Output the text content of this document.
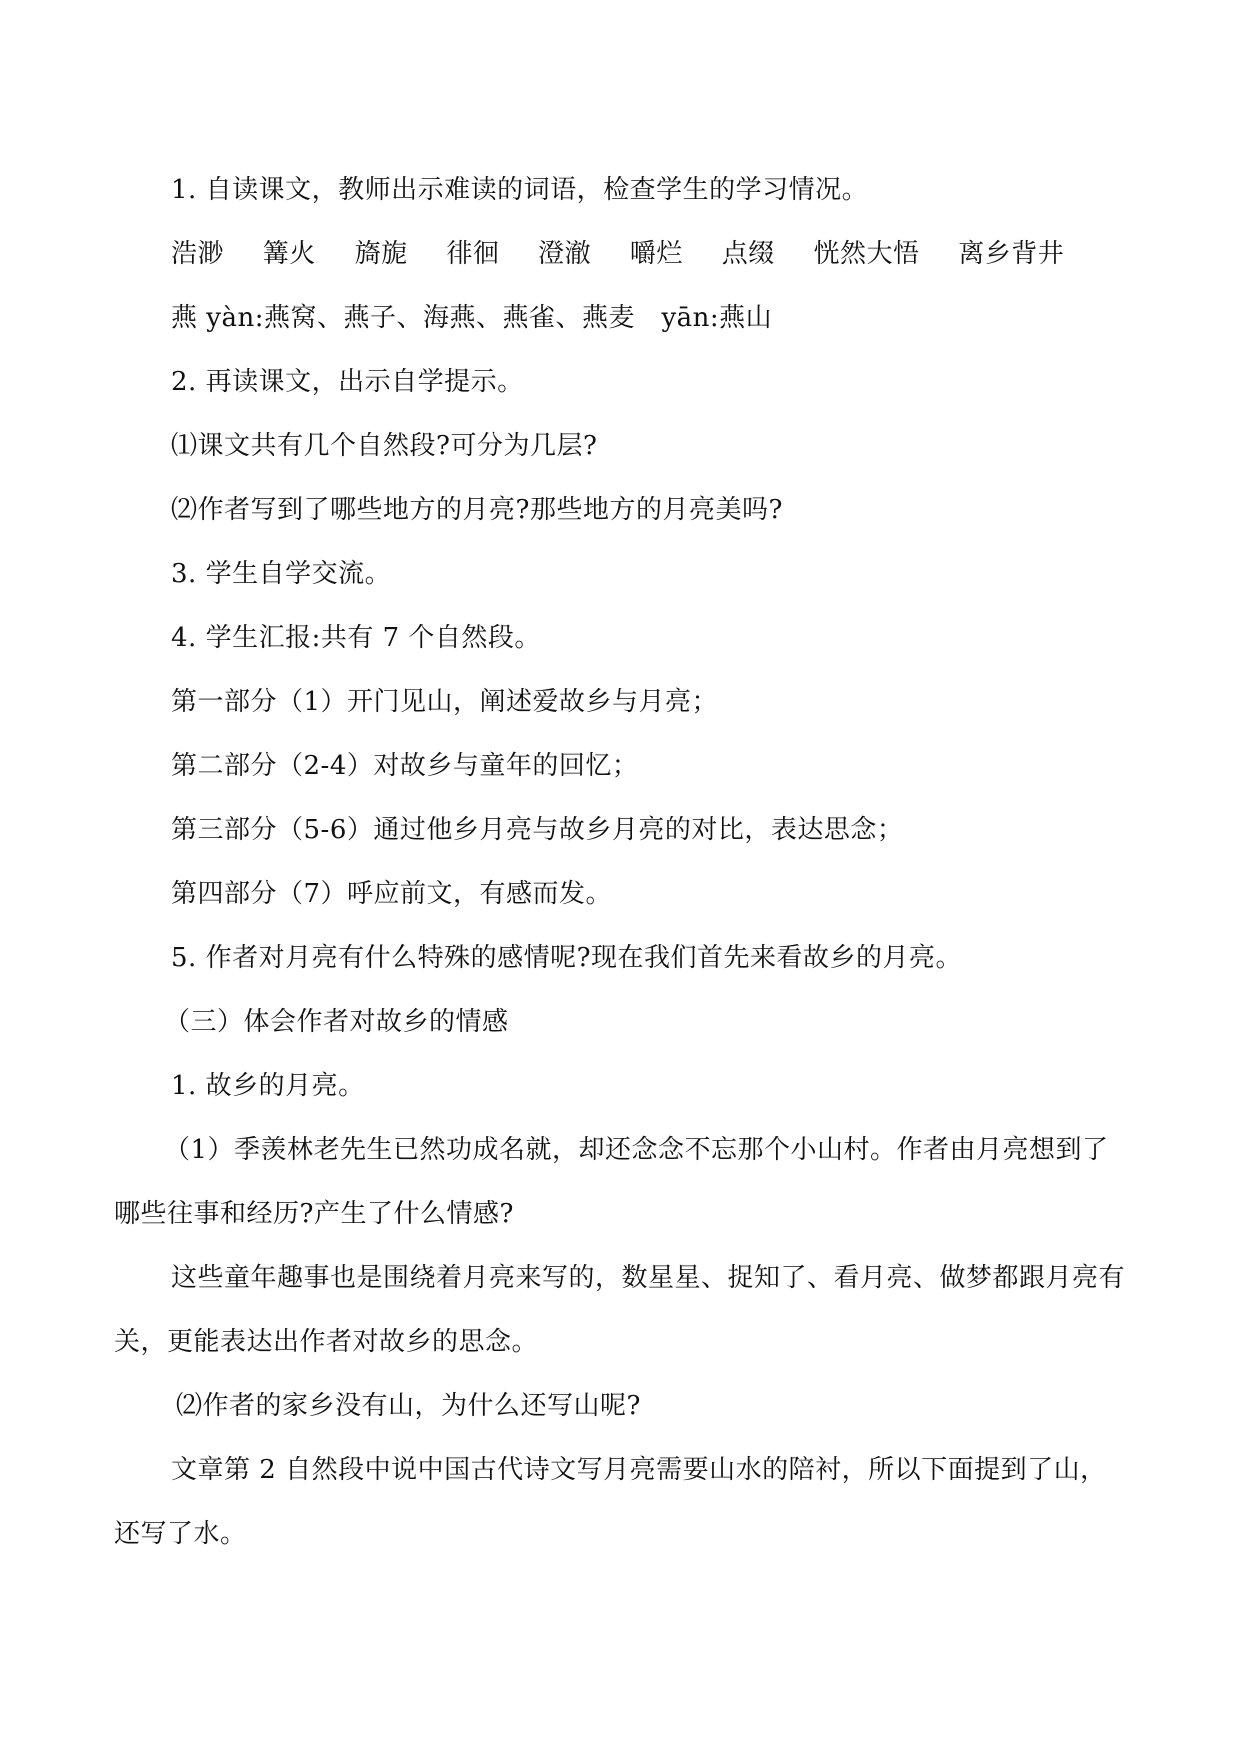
1. 自读课文，教师出示难读的词语，检查学生的学习情况。
浩渺 篝火 旖旎 徘徊 澄澈 嚼烂 点缀 恍然大悟 离乡背井
燕 yàn:燕窝、燕子、海燕、燕雀、燕麦　yān:燕山
2. 再读课文，出示自学提示。
⑴课文共有几个自然段?可分为几层?
⑵作者写到了哪些地方的月亮?那些地方的月亮美吗?
3. 学生自学交流。
4. 学生汇报:共有 7 个自然段。
第一部分（1）开门见山，阐述爱故乡与月亮；
第二部分（2-4）对故乡与童年的回忆；
第三部分（5-6）通过他乡月亮与故乡月亮的对比，表达思念；
第四部分（7）呼应前文，有感而发。
5. 作者对月亮有什么特殊的感情呢?现在我们首先来看故乡的月亮。
（三）体会作者对故乡的情感
1. 故乡的月亮。
（1）季羡林老先生已然功成名就，却还念念不忘那个小山村。作者由月亮想到了哪些往事和经历?产生了什么情感?
这些童年趣事也是围绕着月亮来写的，数星星、捉知了、看月亮、做梦都跟月亮有关，更能表达出作者对故乡的思念。
⑵作者的家乡没有山，为什么还写山呢?
文章第 2 自然段中说中国古代诗文写月亮需要山水的陪衬，所以下面提到了山，还写了水。
